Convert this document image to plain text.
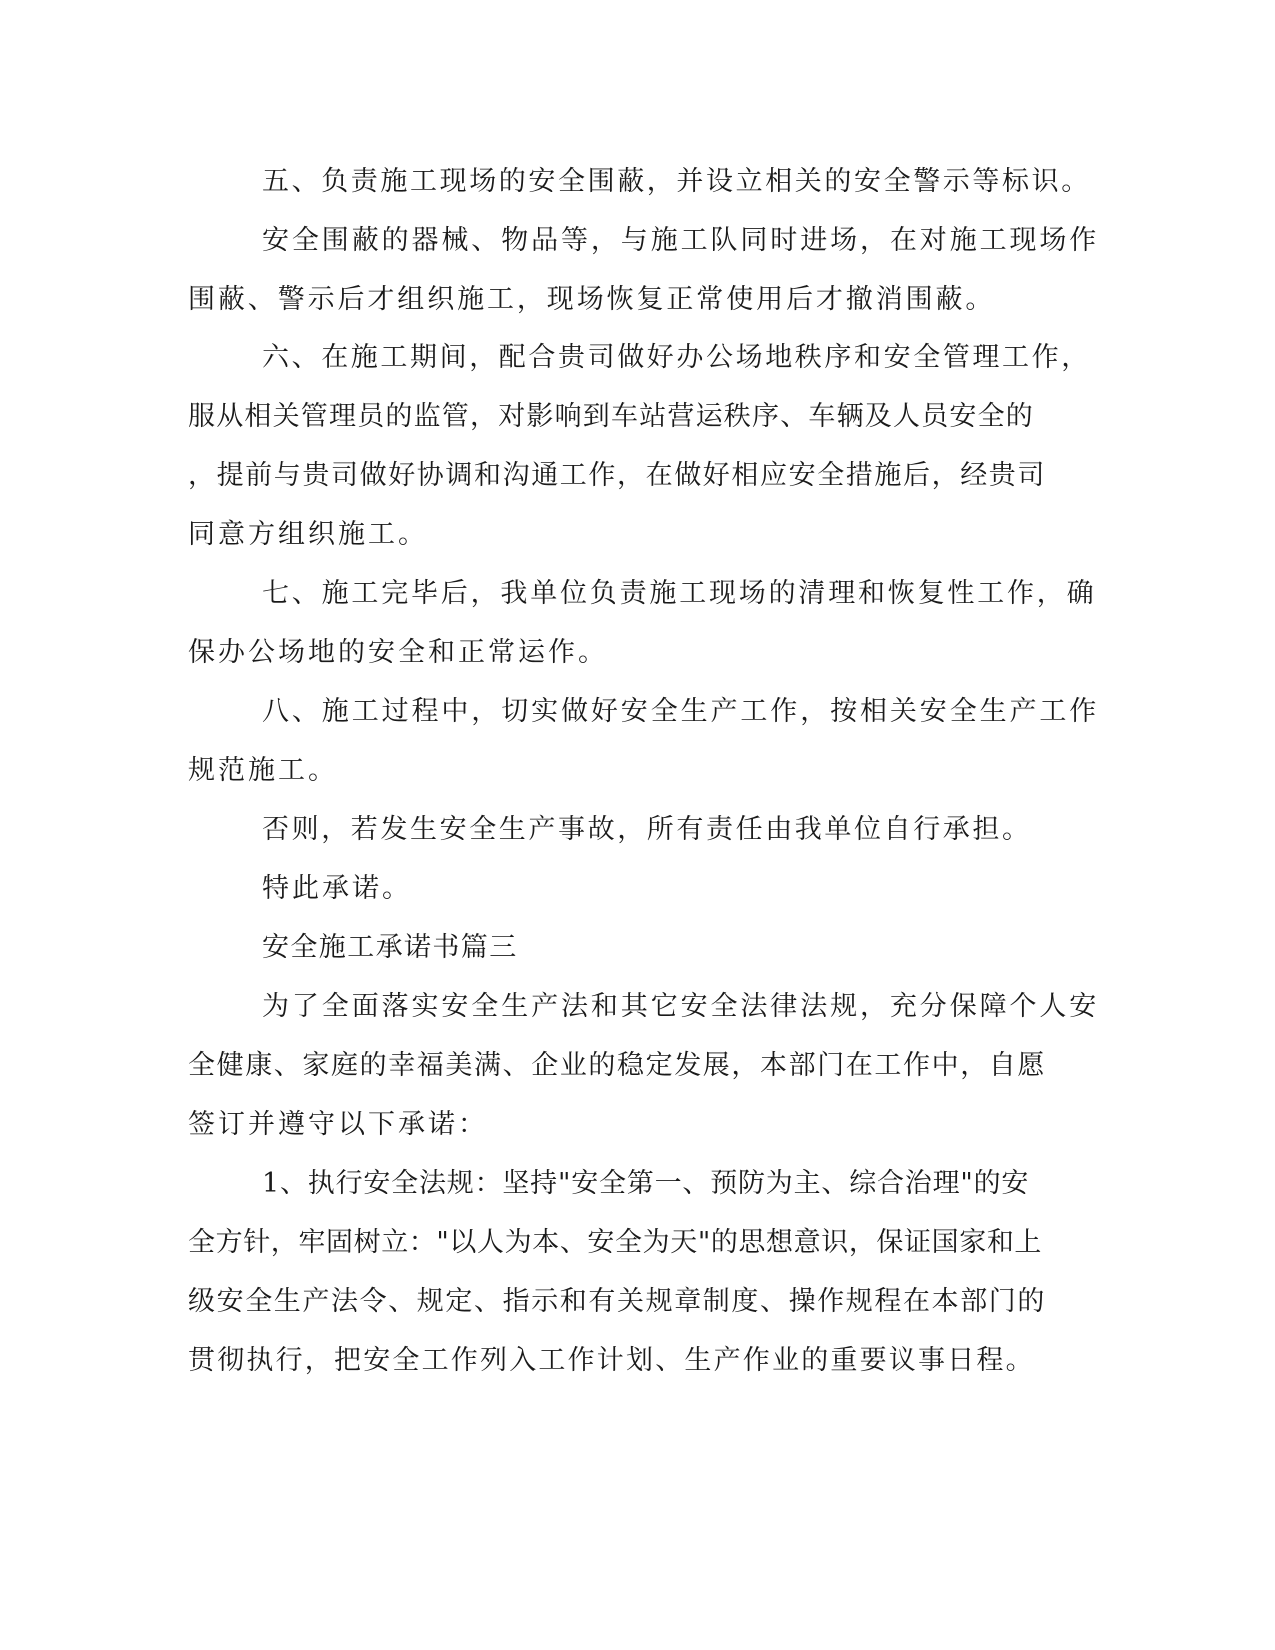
五、负责施工现场的安全围蔽，并设立相关的安全警示等标识。
安全围蔽的器械、物品等，与施工队同时进场，在对施工现场作
围蔽、警示后才组织施工，现场恢复正常使用后才撤消围蔽。
六、在施工期间，配合贵司做好办公场地秩序和安全管理工作，
服从相关管理员的监管，对影响到车站营运秩序、车辆及人员安全的
，提前与贵司做好协调和沟通工作，在做好相应安全措施后，经贵司
同意方组织施工。
七、施工完毕后，我单位负责施工现场的清理和恢复性工作，确
保办公场地的安全和正常运作。
八、施工过程中，切实做好安全生产工作，按相关安全生产工作
规范施工。
否则，若发生安全生产事故，所有责任由我单位自行承担。
特此承诺。
安全施工承诺书篇三
为了全面落实安全生产法和其它安全法律法规，充分保障个人安
全健康、家庭的幸福美满、企业的稳定发展，本部门在工作中，自愿
签订并遵守以下承诺：
1、执行安全法规：坚持"安全第一、预防为主、综合治理"的安
全方针，牢固树立："以人为本、安全为天"的思想意识，保证国家和上
级安全生产法令、规定、指示和有关规章制度、操作规程在本部门的
贯彻执行，把安全工作列入工作计划、生产作业的重要议事日程。
